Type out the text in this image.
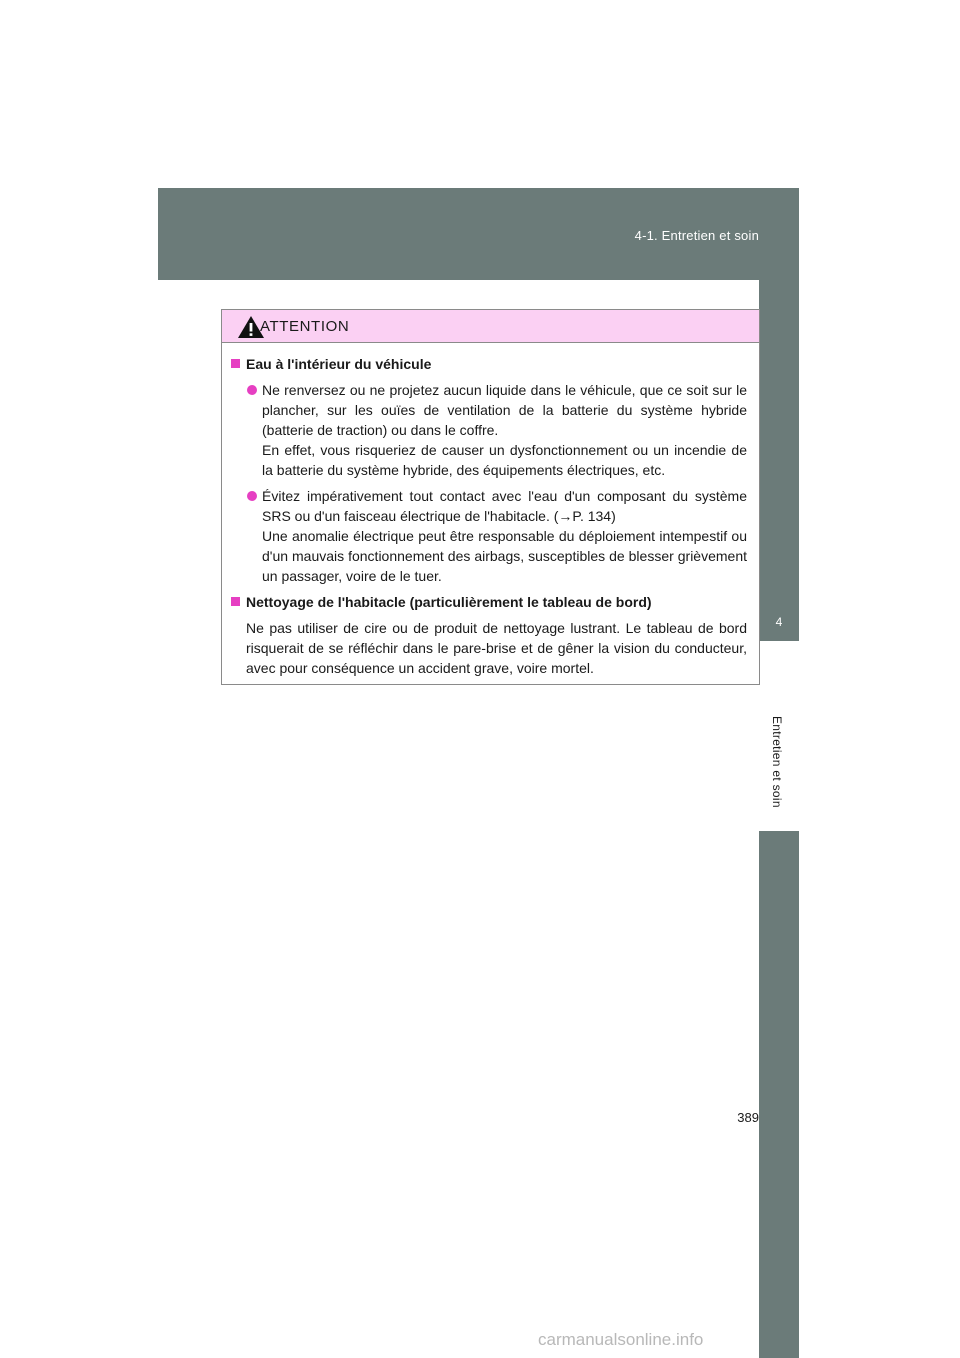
4-1. Entretien et soin
4
Entretien et soin
ATTENTION
Eau à l'intérieur du véhicule
Ne renversez ou ne projetez aucun liquide dans le véhicule, que ce soit sur le plancher, sur les ouïes de ventilation de la batterie du système hybride (batterie de traction) ou dans le coffre.
En effet, vous risqueriez de causer un dysfonctionnement ou un incendie de la batterie du système hybride, des équipements électriques, etc.
Évitez impérativement tout contact avec l'eau d'un composant du système SRS ou d'un faisceau électrique de l'habitacle. (→P. 134)
Une anomalie électrique peut être responsable du déploiement intempestif ou d'un mauvais fonctionnement des airbags, susceptibles de blesser grièvement un passager, voire de le tuer.
Nettoyage de l'habitacle (particulièrement le tableau de bord)
Ne pas utiliser de cire ou de produit de nettoyage lustrant. Le tableau de bord risquerait de se réfléchir dans le pare-brise et de gêner la vision du conducteur, avec pour conséquence un accident grave, voire mortel.
389
carmanualsonline.info
